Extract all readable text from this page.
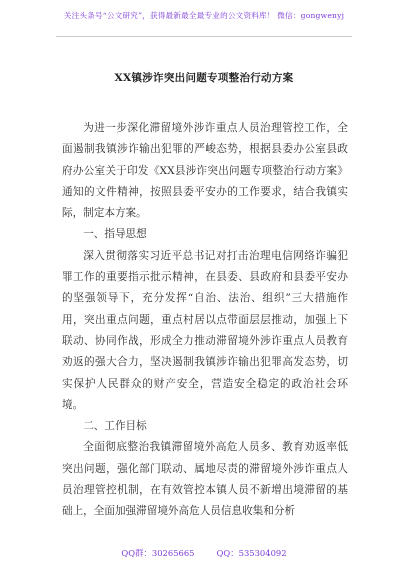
关注头条号“公文研究”，获得最新最全最专业的公文资料库！ 微信：gongwenyj
XX镇涉诈突出问题专项整治行动方案

为进一步深化滞留境外涉诈重点人员治理管控工作，全面遏制我镇涉诈输出犯罪的严峻态势，根据县委办公室县政府办公室关于印发《XX县涉诈突出问题专项整治行动方案》通知的文件精神，按照县委平安办的工作要求，结合我镇实际，制定本方案。

一、指导思想

深入贯彻落实习近平总书记对打击治理电信网络诈骗犯罪工作的重要指示批示精神，在县委、县政府和县委平安办的坚强领导下，充分发挥“自治、法治、组织”三大措施作用，突出重点问题，重点村居以点带面层层推动，加强上下联动、协同作战，形成全力推动滞留境外涉诈重点人员教育劝返的强大合力，坚决遏制我镇涉诈输出犯罪高发态势，切实保护人民群众的财产安全，营造安全稳定的政治社会环境。

二、工作目标

全面彻底整治我镇滞留境外高危人员多、教育劝返率低突出问题，强化部门联动、属地尽责的滞留境外涉诈重点人员治理管控机制，在有效管控本镇人员不新增出境滞留的基础上，全面加强滞留境外高危人员信息收集和分析

QQ群：30265665	QQ：535304092
